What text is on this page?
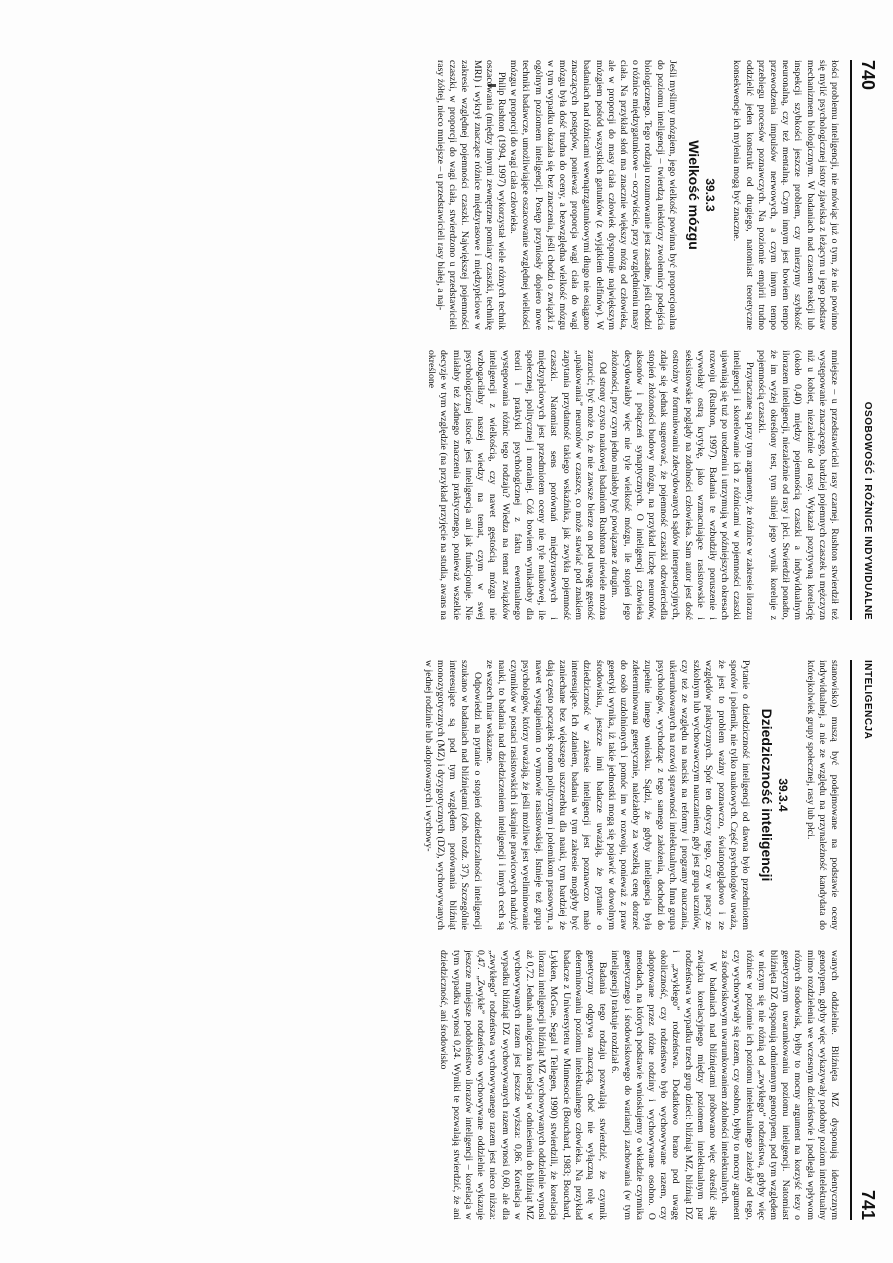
740
OSOBOWOŚĆ I RÓŻNICE INDYWIDUALNE

łości problemu inteligencji, nie mówiąc już o tym, że nie powinno się mylić psychologicznej istoty zjawiska z leżącym u jego podstaw mechanizmem biologicznym. W badaniach nad czasem reakcji lub inspekcji szybkości jeszcze problem, czy mierzymy szybkość neuronalną, czy też mentalną. Czym innym jest bowiem tempo przewodzenia impulsów nerwowych, a czym innym tempo przebiegu procesów poznawczych. Na poziomie empirii trudno oddzielić jeden konstrukt od drugiego, natomiast teoretyczne konsekwencje ich mylenia mogą być znaczne.

39.3.3
Wielkość mózgu

Jeśli myślimy mózgiem, jego wielkość powinna być proporcjonalna do poziomu inteligencji – twierdzą niektórzy zwolennicy podejścia biologicznego. Tego rodzaju rozumowanie jest zasadne, jeśli chodzi o różnice międzygatunkowe – oczywiście, przy uwzględnieniu masy ciała. Na przykład słoń ma znacznie większy mózg od człowieka, ale w proporcji do masy ciała człowiek dysponuje największym mózgiem pośród wszystkich gatunków (z wyjątkiem delfinów). W badaniach nad różnicami wewnątrzgatunkowymi długo nie osiągano znaczących postępów, ponieważ proporcja wagi ciała do wagi mózgu była dość trudna do oceny, a bezwzględna wielkość mózgu w tym wypadku okazała się bez znaczenia, jeśli chodzi o związki z ogólnym poziomem inteligencji. Postęp przyniosły dopiero nowe techniki badawcze, umożliwiające oszacowanie względnej wielkości mózgu w proporcji do wagi ciała człowieka.

Philip Rushton (1994, 1997) wykorzystał wiele różnych technik oszacowania (między innymi zewnętrzne pomiary czaszki, technikę MRI) i wykrył znaczące różnice międzyrasowe i międzypłciowe w zakresie względnej pojemności czaszki. Największej pojemności czaszki, w proporcji do wagi ciała, stwierdzono u przedstawicieli rasy żółtej, nieco mniejsze – u przedstawicieli rasy białej, a naj-

mniejsze – u przedstawicieli rasy czarnej. Rushton stwierdził też występowanie znaczącego, bardziej pojemnych czaszek u mężczyzn niż u kobiet, niezależnie od rasy. Wykazał pozytywną korelację (około 0,40) między pojemnością czaszki a indywidualnym ilorazem inteligencji, niezależnie od rasy i płci. Stwierdził ponadto, że im wyżej określony test, tym silniej jego wynik koreluje z pojemnością czaszki.

Przytaczane są przy tym argumenty, że różnice w zakresie ilorazu inteligencji i skorelowanie ich z różnicami w pojemności czaszki ujawniają się tuż po urodzeniu i utrzymują w późniejszych okresach rozwoju (Rushton, 1997). Badania te wzbudziły poruszenie i wywołały ostrą krytykę, jako wzmacniające rasistowskie i seksistowskie poglądy na zdolności człowieka. Sam autor jest dość ostrożny w formułowaniu zdecydowanych sądów interpretacyjnych, zdaje się jednak sugerować, że pojemność czaszki odzwierciedla stopień złożoności budowy mózgu, na przykład liczbę neuronów, aksonów i połączeń synaptycznych. O inteligencji człowieka decydowałaby więc nie tyle wielkość mózgu, ile stopień jego złożoności, przy czym jedno miałoby być powiązane z drugim.

Od strony czysto naukowej badaniom Rushtona niewiele można zarzucić; być może to, że nie zawsze bierze on pod uwagę gęstość „upakowania” neuronów w czaszce, co może stawiać pod znakiem zapytania przydatność takiego wskaźnika, jak zwykła pojemność czaszki. Natomiast sens porównań międzyrasowych i międzypłciowych jest przedmiotem oceny nie tyle naukowej, ile społecznej, politycznej i moralnej. Cóż bowiem wynikałoby dla teorii i praktyki psychologicznej z faktu ewentualnego występowania różnic tego rodzaju? Wiedza na temat związków inteligencji z wielkością, czy nawet gęstością mózgu nie wzbogaciłaby naszej wiedzy na temat, czym w swej psychologicznej istocie jest inteligencja ani jak funkcjonuje. Nie miałaby też żadnego znaczenia praktycznego, ponieważ wszelkie decyzje w tym względzie (na przykład przyjęcie na studia, awans na określone

INTELIGENCJA
741

stanowisko) muszą być podejmowane na podstawie oceny indywidualnej, a nie ze względu na przynależność kandydata do którejkolwiek grupy społecznej, rasy lub płci.

39.3.4
Dziedziczność inteligencji

Pytanie o dziedziczność inteligencji od dawna było przedmiotem sporów i polemik, nie tylko naukowych. Część psychologów uważa, że jest to problem ważny poznawczo, światopoglądowo i ze względów praktycznych. Spór ten dotyczy tego, czy w pracy ze szkolnym lub wychowawczym nauczaniem, gdy jest grupa uczniów, czy też ze względu na nacisk na reformy i programy nauczania, ukierunkowanych na rozwój sprawności intelektualnych. Inna grupa psychologów, wychodząc z tego samego założenia, dochodzi do zupełnie innego wniosku. Sądzi, że gdyby inteligencja była zdeterminowana genetycznie, należałoby za wszelką cenę dotrzeć do osób uzdolnionych i pomóc im w rozwoju, ponieważ z praw genetyki wynika, iż takie jednostki mogą się pojawić w dowolnym środowisku, jeszcze inni badacze uważają, że pytanie o dziedziczność w zakresie inteligencji jest poznawczo mało interesujące. Ich zdaniem, badania w tym zakresie mogłyby być zaniechane bez większego uszczerbku dla nauki, tym bardziej że dają często początek sporom politycznym i polemikom prasowym, a nawet wystąpieniom o wymowie rasistowskiej. Istnieje też grupa psychologów, którzy uważają, że jeśli możliwe jest wyeliminowanie czynników w postaci rasistowskich i skrajnie prawicowych nadużyć nauki, to badania nad dziedziczeniem inteligencji i innych cech są ze wszech miar wskazane.

Odpowiedzi na pytanie o stopień odziedziczalności inteligencji szukano w badaniach nad bliźniętami (zob. rozdz. 37). Szczególnie interesujące są pod tym względem porównania bliźniąt monozygotycznych (MZ) i dyzygotycznych (DZ), wychowywanych w jednej rodzinie lub adoptowanych i wychowy-

wanych oddzielnie. Bliźnięta MZ dysponują identycznym genotypem, gdyby więc wykazywały podobny poziom intelektualny mimo rozdzielenia we wczesnym dzieciństwie i podległa wpływom różnych środowisk, byłby to mocny argument na korzyść tezy o genetycznym uwarunkowaniu poziomu inteligencji. Natomiast bliźnięta DZ dysponują odmiennym genotypem, pod tym względem w niczym się nie różnią od „zwykłego” rodzeństwa, gdyby więc różnice w poziomie ich poziomu intelektualnego zależały od tego, czy wychowywały się razem, czy osobno, byłby to mocny argument za środowiskowym uwarunkowaniem zdolności intelektualnych.

W badaniach nad bliźniętami próbowano więc określić siłę związku korelacyjnego między poziomem intelektualnym par rodzeństwa w wypadku trzech grup dzieci: bliźniąt MZ, bliźniąt DZ i „zwykłego” rodzeństwa. Dodatkowo brano pod uwagę okoliczność, czy rodzeństwo było wychowywane razem, czy adoptowane przez różne rodziny i wychowywane osobno. O metodach, na których podstawie wnioskujemy o wkładzie czynnika genetycznego i środowiskowego do wariancji zachowania (w tym inteligencji) traktuje rozdział 6.

Badania tego rodzaju pozwalają stwierdzić, że czynnik genetyczny odgrywa znaczącą, choć nie wyłączną rolę w determinowaniu poziomu intelektualnego człowieka. Na przykład badacze z Uniwersytetu w Minnesocie (Bouchard, 1983; Bouchard, Lykken, McGue, Segal i Tellegen, 1990) stwierdzili, że korelacja ilorazu inteligencji bliźniąt MZ wychowywanych oddzielnie wynosi aż 0,72. Jednak analogiczna korelacja w odniesieniu do bliźniąt MZ wychowywanych razem jest jeszcze wyższa: 0,86. Korelacja w wypadku bliźniąt DZ wychowywanych razem wynosi 0,60, ale dla „zwykłego” rodzeństwa wychowywanego razem jest nieco niższa: 0,47. „Zwykłe” rodzeństwo wychowywane oddzielnie wykazuje jeszcze mniejsze podobieństwo ilorazów inteligencji – korelacja w tym wypadku wynosi 0,24. Wyniki te pozwalają stwierdzić, że ani dziedziczność, ani środowisko
